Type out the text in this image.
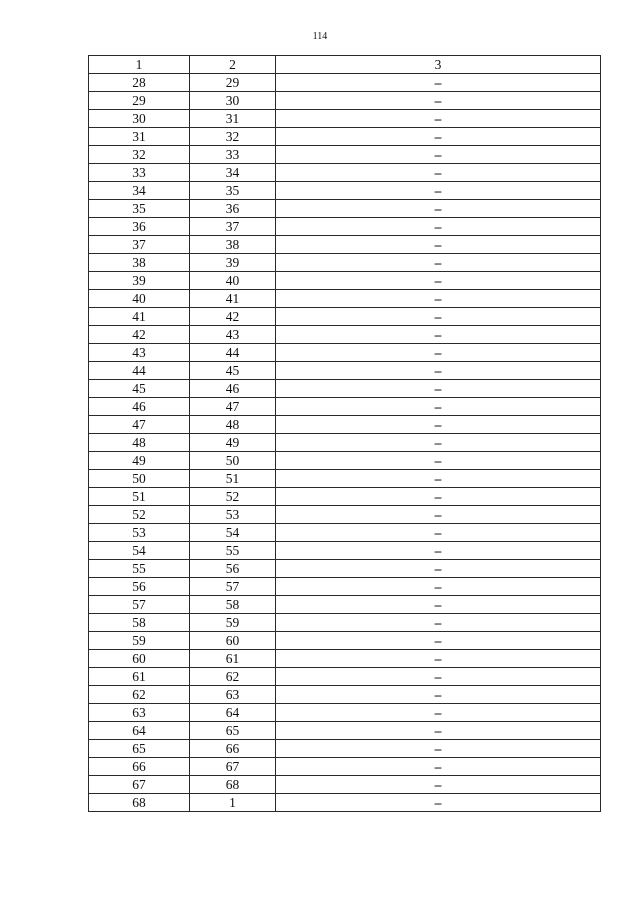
114
1	2	3
28	29	–
29	30	–
30	31	–
31	32	–
32	33	–
33	34	–
34	35	–
35	36	–
36	37	–
37	38	–
38	39	–
39	40	–
40	41	–
41	42	–
42	43	–
43	44	–
44	45	–
45	46	–
46	47	–
47	48	–
48	49	–
49	50	–
50	51	–
51	52	–
52	53	–
53	54	–
54	55	–
55	56	–
56	57	–
57	58	–
58	59	–
59	60	–
60	61	–
61	62	–
62	63	–
63	64	–
64	65	–
65	66	–
66	67	–
67	68	–
68	1	–
